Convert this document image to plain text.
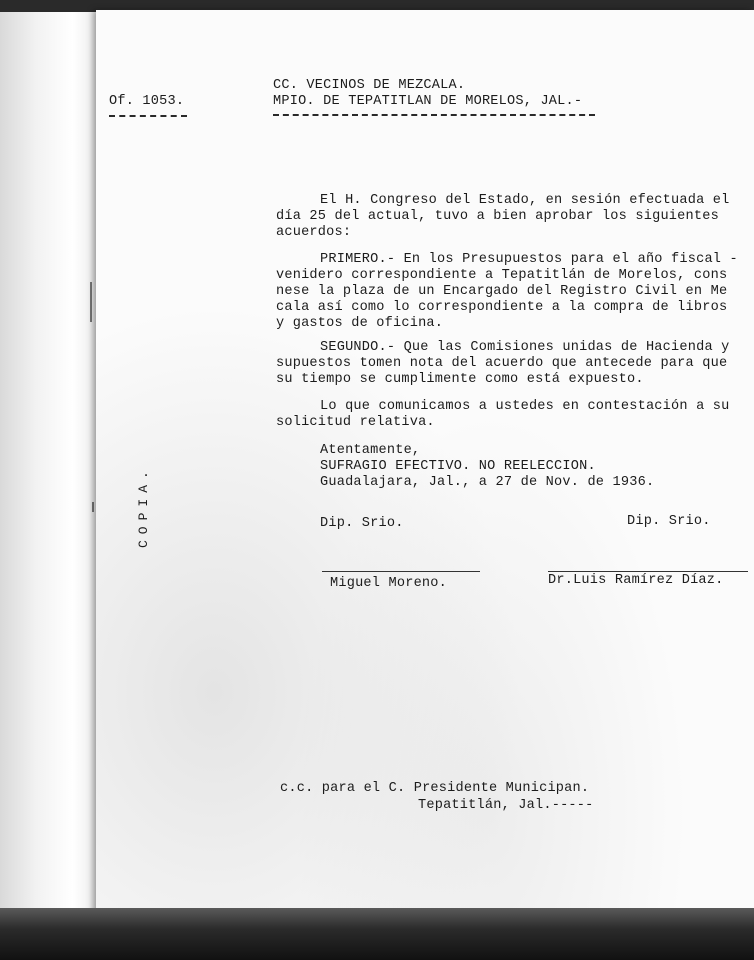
Of. 1053.
CC. VECINOS DE MEZCALA.
MPIO. DE TEPATITLAN DE MORELOS, JAL.-
COPIA.
El H. Congreso del Estado, en sesión efectuada el
día 25 del actual, tuvo a bien aprobar los siguientes
acuerdos:
PRIMERO.- En los Presupuestos para el año fiscal -
venidero correspondiente a Tepatitlán de Morelos, cons
nese la plaza de un Encargado del Registro Civil en Me
cala así como lo correspondiente a la compra de libros
y gastos de oficina.
SEGUNDO.- Que las Comisiones unidas de Hacienda y
supuestos tomen nota del acuerdo que antecede para que
su tiempo se cumplimente como está expuesto.
Lo que comunicamos a ustedes en contestación a su
solicitud relativa.
Atentamente,
SUFRAGIO EFECTIVO. NO REELECCION.
Guadalajara, Jal., a 27 de Nov. de 1936.
Dip. Srio.	Dip. Srio.
Miguel Moreno.	Dr.Luis Ramírez Díaz.
c.c. para el C. Presidente Municipan.
Tepatitlán, Jal.-----
